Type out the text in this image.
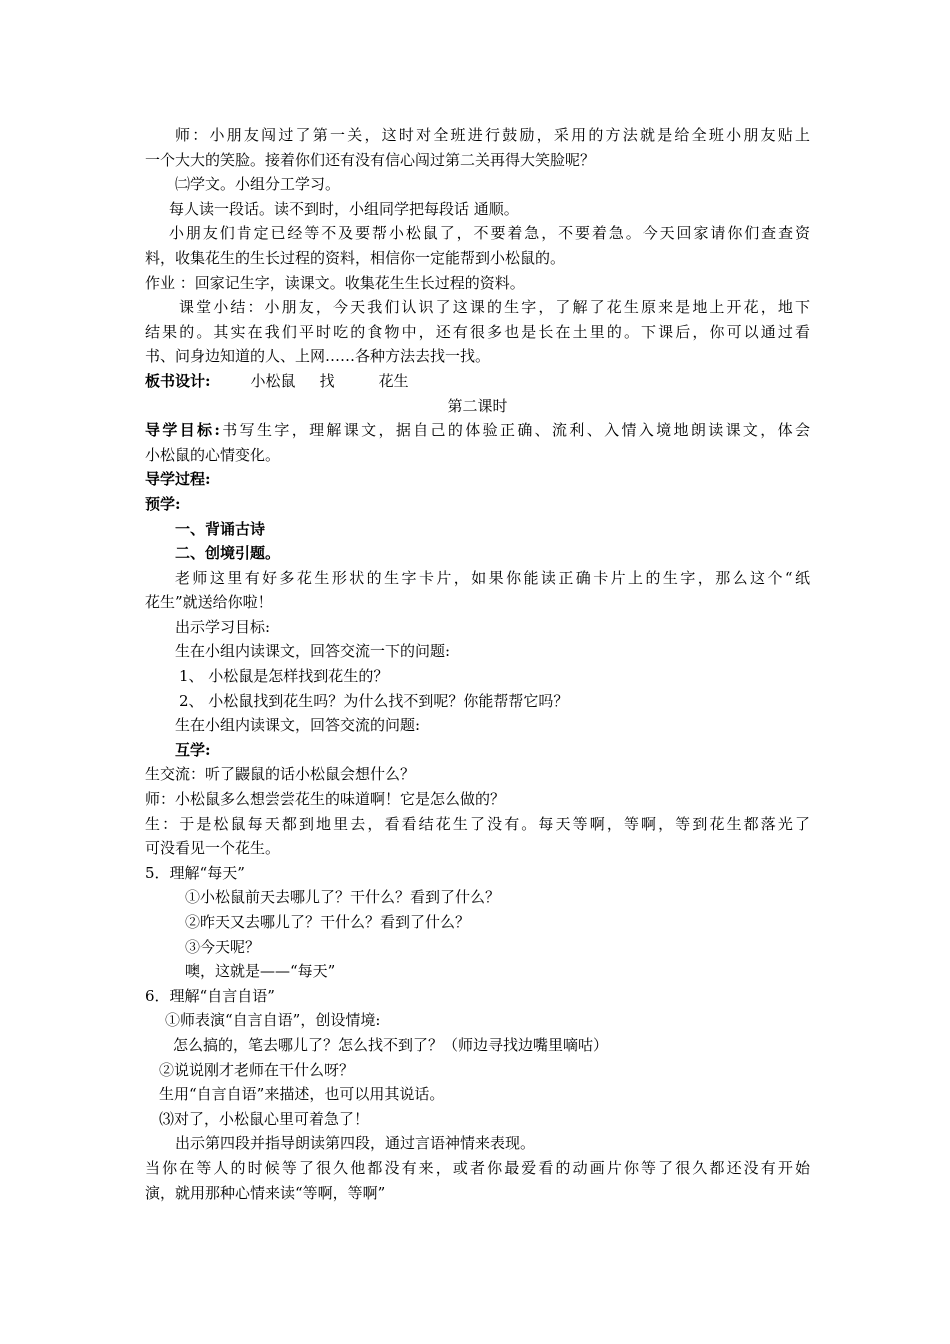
师：小朋友闯过了第一关，这时对全班进行鼓励，采用的方法就是给全班小朋友贴上
一个大大的笑脸。接着你们还有没有信心闯过第二关再得大笑脸呢？
㈡学文。小组分工学习。
每人读一段话。读不到时，小组同学把每段话 通顺。
小朋友们肯定已经等不及要帮小松鼠了，不要着急，不要着急。今天回家请你们查查资
料，收集花生的生长过程的资料，相信你一定能帮到小松鼠的。
作业 ：回家记生字，读课文。收集花生生长过程的资料。
课堂小结：小朋友，今天我们认识了这课的生字，了解了花生原来是地上开花，地下
结果的。其实在我们平时吃的食物中，还有很多也是长在土里的。下课后，你可以通过看
书、问身边知道的人、上网……各种方法去找一找。
板书设计:	小松鼠 找	花生
第二课时
导学目标:书写生字，理解课文，据自己的体验正确、流利、入情入境地朗读课文，体会
小松鼠的心情变化。
导学过程:
预学:
一、背诵古诗
二、创境引题。
老师这里有好多花生形状的生字卡片，如果你能读正确卡片上的生字，那么这个“纸
花生”就送给你啦！
出示学习目标:
生在小组内读课文，回答交流一下的问题:
1、 小松鼠是怎样找到花生的？
2、 小松鼠找到花生吗？为什么找不到呢？你能帮帮它吗？
生在小组内读课文，回答交流的问题:
互学:
生交流：听了鼹鼠的话小松鼠会想什么？
师：小松鼠多么想尝尝花生的味道啊！它是怎么做的？
生：于是松鼠每天都到地里去，看看结花生了没有。每天等啊，等啊，等到花生都落光了
可没看见一个花生。
5．理解“每天”
①小松鼠前天去哪儿了？干什么？看到了什么？
②昨天又去哪儿了？干什么？看到了什么？
③今天呢？
噢，这就是——“每天”
6．理解“自言自语”
①师表演“自言自语”，创设情境:
怎么搞的，笔去哪儿了？怎么找不到了？（师边寻找边嘴里嘀咕）
②说说刚才老师在干什么呀？
生用“自言自语”来描述，也可以用其说话。
⑶对了，小松鼠心里可着急了！
出示第四段并指导朗读第四段，通过言语神情来表现。
当你在等人的时候等了很久他都没有来，或者你最爱看的动画片你等了很久都还没有开始
演，就用那种心情来读“等啊，等啊”
